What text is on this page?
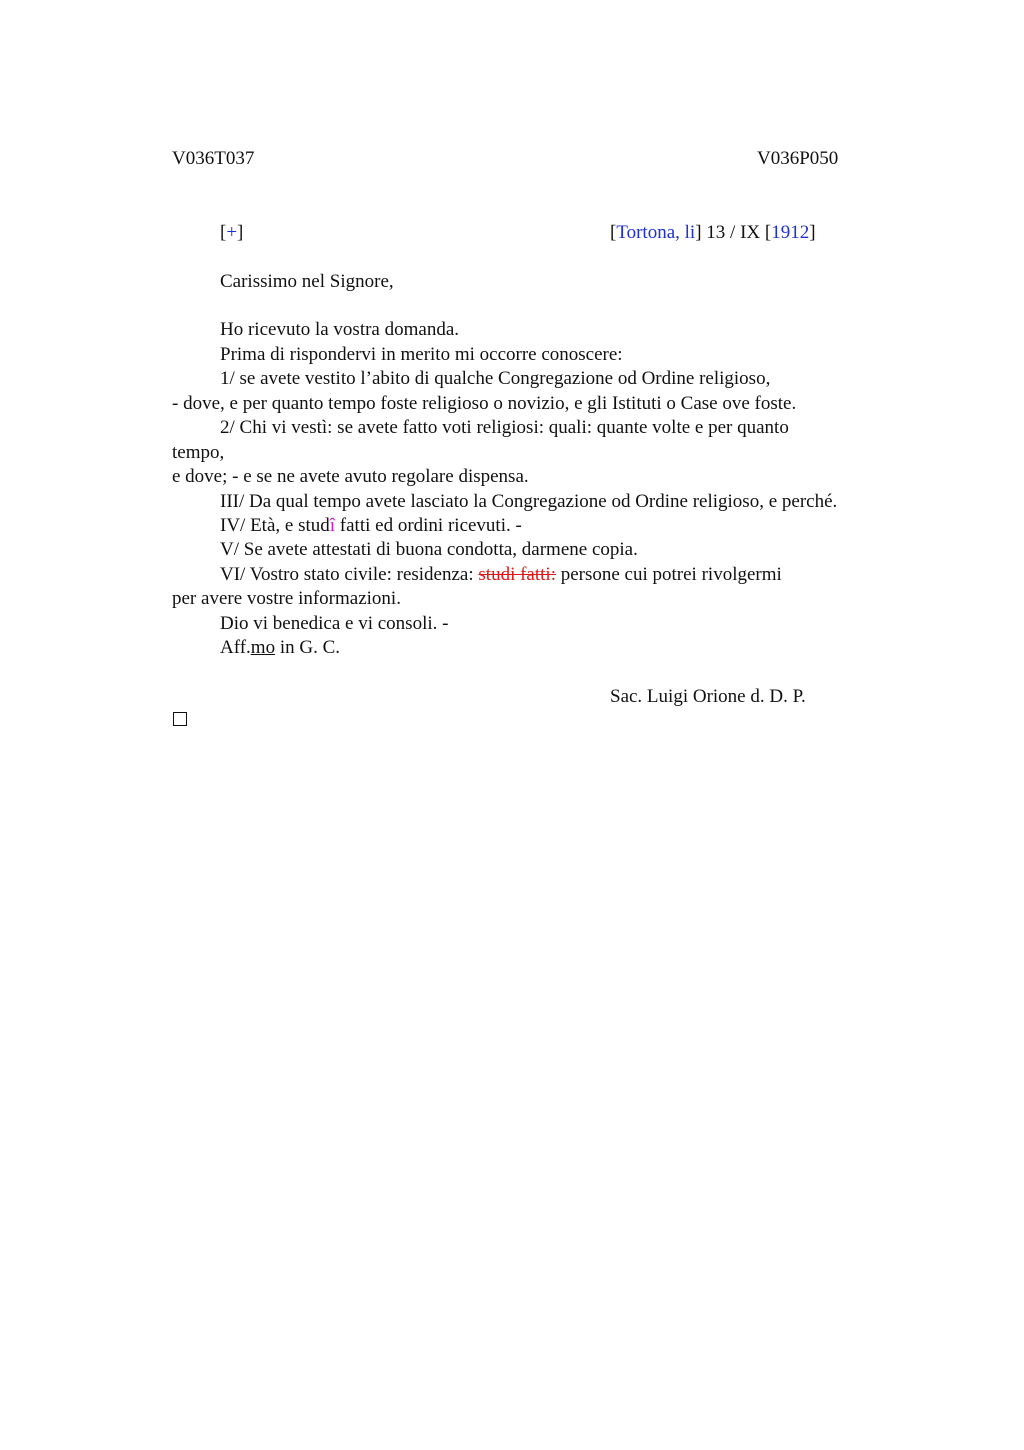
V036T037	V036P050
[+]	[Tortona, li] 13 / IX [1912]
Carissimo nel Signore,
Ho ricevuto la vostra domanda.
Prima di rispondervi in merito mi occorre conoscere:
1/ se avete vestito l’abito di qualche Congregazione od Ordine religioso,
- dove, e per quanto tempo foste religioso o novizio, e gli Istituti o Case ove foste.
2/ Chi vi vestì: se avete fatto voti religiosi: quali: quante volte e per quanto
tempo,
e dove; - e se ne avete avuto regolare dispensa.
III/ Da qual tempo avete lasciato la Congregazione od Ordine religioso, e perché.
IV/ Età, e studî fatti ed ordini ricevuti. -
V/ Se avete attestati di buona condotta, darmene copia.
VI/ Vostro stato civile: residenza: studi fatti: persone cui potrei rivolgermi
per avere vostre informazioni.
Dio vi benedica e vi consoli. -
Aff.mo in G. C.
Sac. Luigi Orione d. D. P.
